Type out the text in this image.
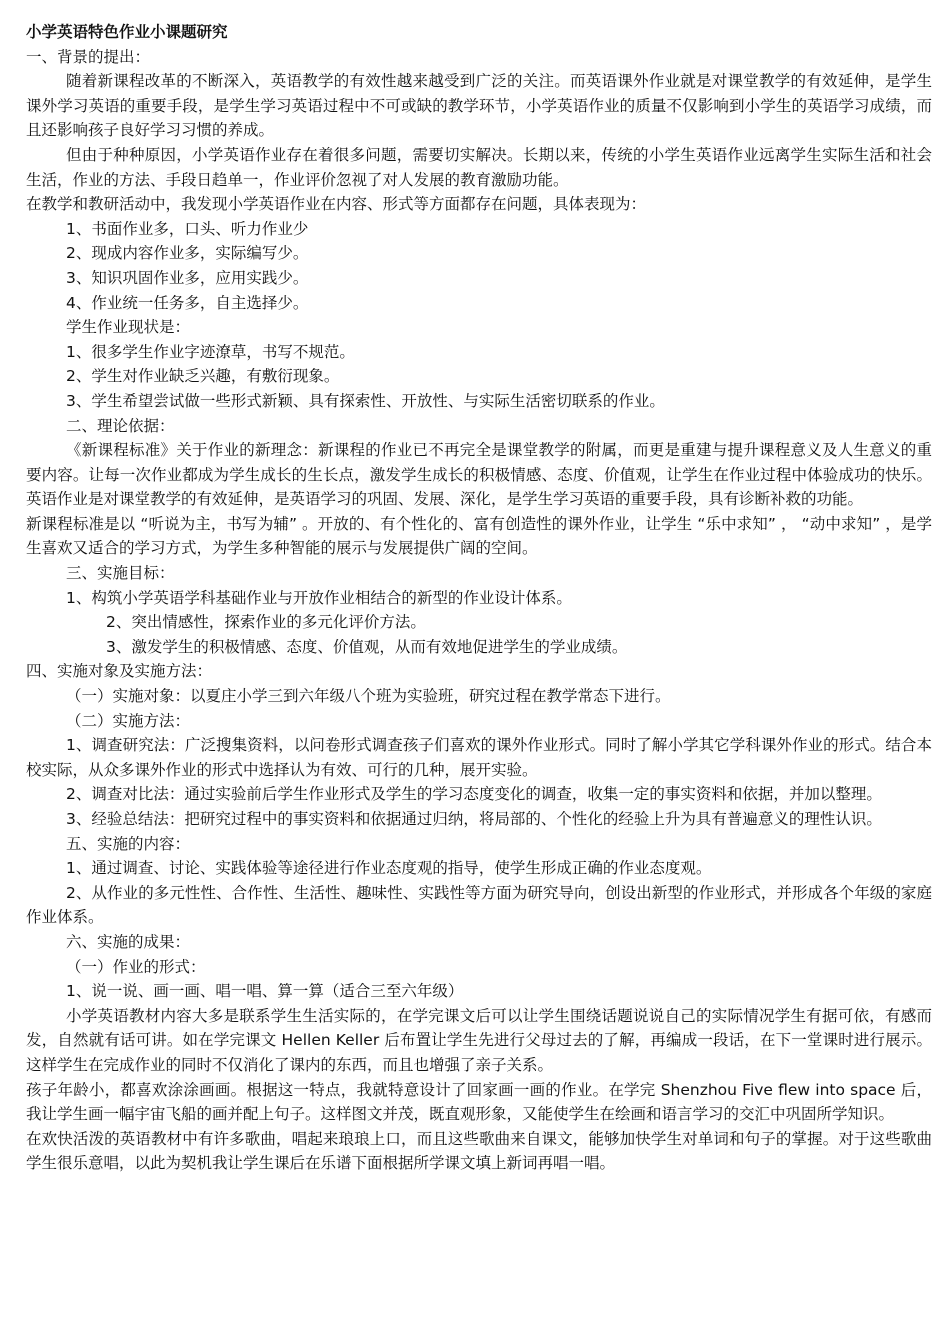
小学英语特色作业小课题研究

一、背景的提出：

随着新课程改革的不断深入，英语教学的有效性越来越受到广泛的关注。而英语课外作业就是对课堂教学的有效延伸，是学生课外学习英语的重要手段，是学生学习英语过程中不可或缺的教学环节，小学英语作业的质量不仅影响到小学生的英语学习成绩，而且还影响孩子良好学习习惯的养成。

但由于种种原因，小学英语作业存在着很多问题，需要切实解决。长期以来，传统的小学生英语作业远离学生实际生活和社会生活，作业的方法、手段日趋单一，作业评价忽视了对人发展的教育激励功能。

在教学和教研活动中，我发现小学英语作业在内容、形式等方面都存在问题，具体表现为：

1、书面作业多，口头、听力作业少

2、现成内容作业多，实际编写少。

3、知识巩固作业多，应用实践少。

4、作业统一任务多，自主选择少。

学生作业现状是：

1、很多学生作业字迹潦草，书写不规范。

2、学生对作业缺乏兴趣，有敷衍现象。

3、学生希望尝试做一些形式新颖、具有探索性、开放性、与实际生活密切联系的作业。

二、理论依据：

《新课程标准》关于作业的新理念：新课程的作业已不再完全是课堂教学的附属，而更是重建与提升课程意义及人生意义的重要内容。让每一次作业都成为学生成长的生长点，激发学生成长的积极情感、态度、价值观，让学生在作业过程中体验成功的快乐。英语作业是对课堂教学的有效延伸，是英语学习的巩固、发展、深化，是学生学习英语的重要手段，具有诊断补救的功能。

新课程标准是以 “听说为主，书写为辅” 。开放的、有个性化的、富有创造性的课外作业，让学生 “乐中求知” ， “动中求知” ，是学生喜欢又适合的学习方式，为学生多种智能的展示与发展提供广阔的空间。

三、实施目标：

1、构筑小学英语学科基础作业与开放作业相结合的新型的作业设计体系。

2、突出情感性，探索作业的多元化评价方法。

3、激发学生的积极情感、态度、价值观，从而有效地促进学生的学业成绩。

四、实施对象及实施方法：

（一）实施对象：以夏庄小学三到六年级八个班为实验班，研究过程在教学常态下进行。

（二）实施方法：

1、调查研究法：广泛搜集资料，以问卷形式调查孩子们喜欢的课外作业形式。同时了解小学其它学科课外作业的形式。结合本校实际，从众多课外作业的形式中选择认为有效、可行的几种，展开实验。

2、调查对比法：通过实验前后学生作业形式及学生的学习态度变化的调查，收集一定的事实资料和依据，并加以整理。

3、经验总结法：把研究过程中的事实资料和依据通过归纳，将局部的、个性化的经验上升为具有普遍意义的理性认识。

五、实施的内容：

1、通过调查、讨论、实践体验等途径进行作业态度观的指导，使学生形成正确的作业态度观。

2、从作业的多元性性、合作性、生活性、趣味性、实践性等方面为研究导向，创设出新型的作业形式，并形成各个年级的家庭作业体系。

六、实施的成果：

（一）作业的形式：

1、说一说、画一画、唱一唱、算一算（适合三至六年级）

小学英语教材内容大多是联系学生生活实际的，在学完课文后可以让学生围绕话题说说自己的实际情况学生有据可依，有感而发，自然就有话可讲。如在学完课文 Hellen Keller 后布置让学生先进行父母过去的了解，再编成一段话，在下一堂课时进行展示。这样学生在完成作业的同时不仅消化了课内的东西，而且也增强了亲子关系。

孩子年龄小，都喜欢涂涂画画。根据这一特点，我就特意设计了回家画一画的作业。在学完 Shenzhou Five flew into space 后，我让学生画一幅宇宙飞船的画并配上句子。这样图文并茂，既直观形象，又能使学生在绘画和语言学习的交汇中巩固所学知识。

在欢快活泼的英语教材中有许多歌曲，唱起来琅琅上口，而且这些歌曲来自课文，能够加快学生对单词和句子的掌握。对于这些歌曲学生很乐意唱，以此为契机我让学生课后在乐谱下面根据所学课文填上新词再唱一唱。
